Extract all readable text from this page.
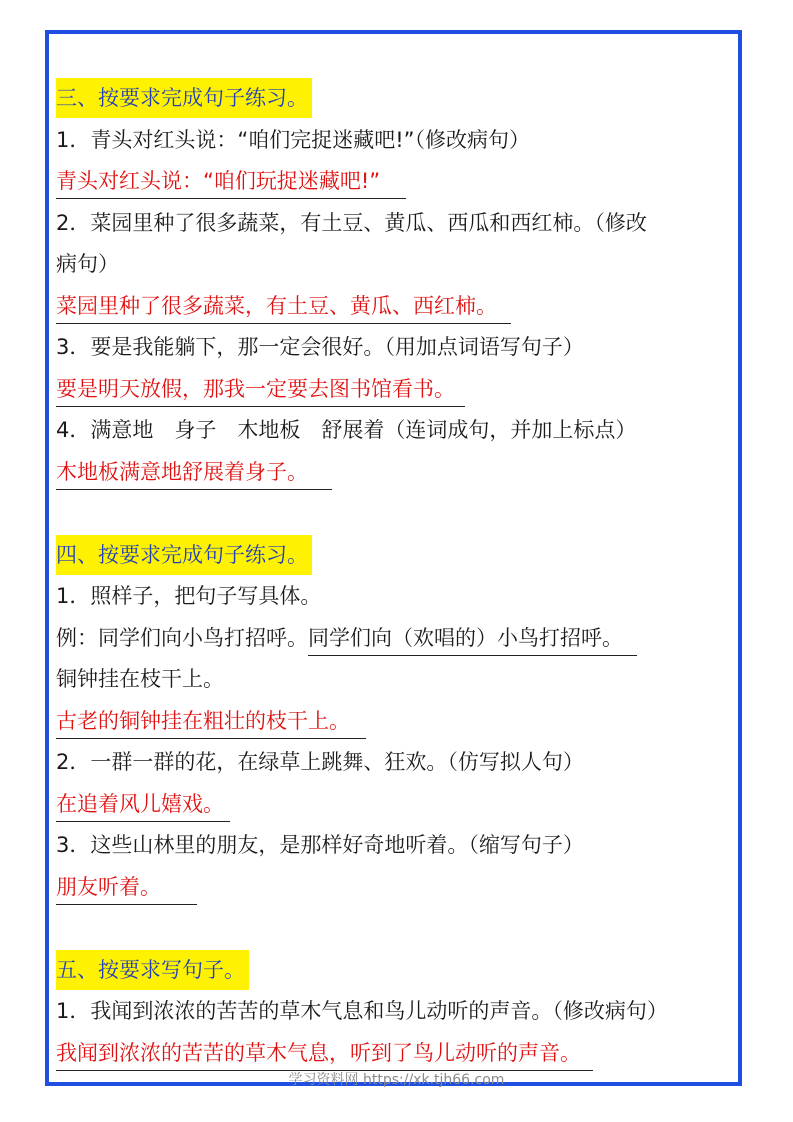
三、按要求完成句子练习。
1．青头对红头说：“咱们完捉迷藏吧!”（修改病句）
青头对红头说：“咱们玩捉迷藏吧!”
2．菜园里种了很多蔬菜，有土豆、黄瓜、西瓜和西红柿。（修改
病句）
菜园里种了很多蔬菜，有土豆、黄瓜、西红柿。
3．要是我能躺下，那一定会很好。（用加点词语写句子）
要是明天放假，那我一定要去图书馆看书。
4．满意地　身子　木地板　舒展着（连词成句，并加上标点）
木地板满意地舒展着身子。
四、按要求完成句子练习。
1．照样子，把句子写具体。
例：同学们向小鸟打招呼。同学们向（欢唱的）小鸟打招呼。
铜钟挂在枝干上。
古老的铜钟挂在粗壮的枝干上。
2．一群一群的花，在绿草上跳舞、狂欢。（仿写拟人句）
在追着风儿嬉戏。
3．这些山林里的朋友，是那样好奇地听着。（缩写句子）
朋友听着。
五、按要求写句子。
1．我闻到浓浓的苦苦的草木气息和鸟儿动听的声音。（修改病句）
我闻到浓浓的苦苦的草木气息，听到了鸟儿动听的声音。
学习资料网 https://xk.tjh66.com
